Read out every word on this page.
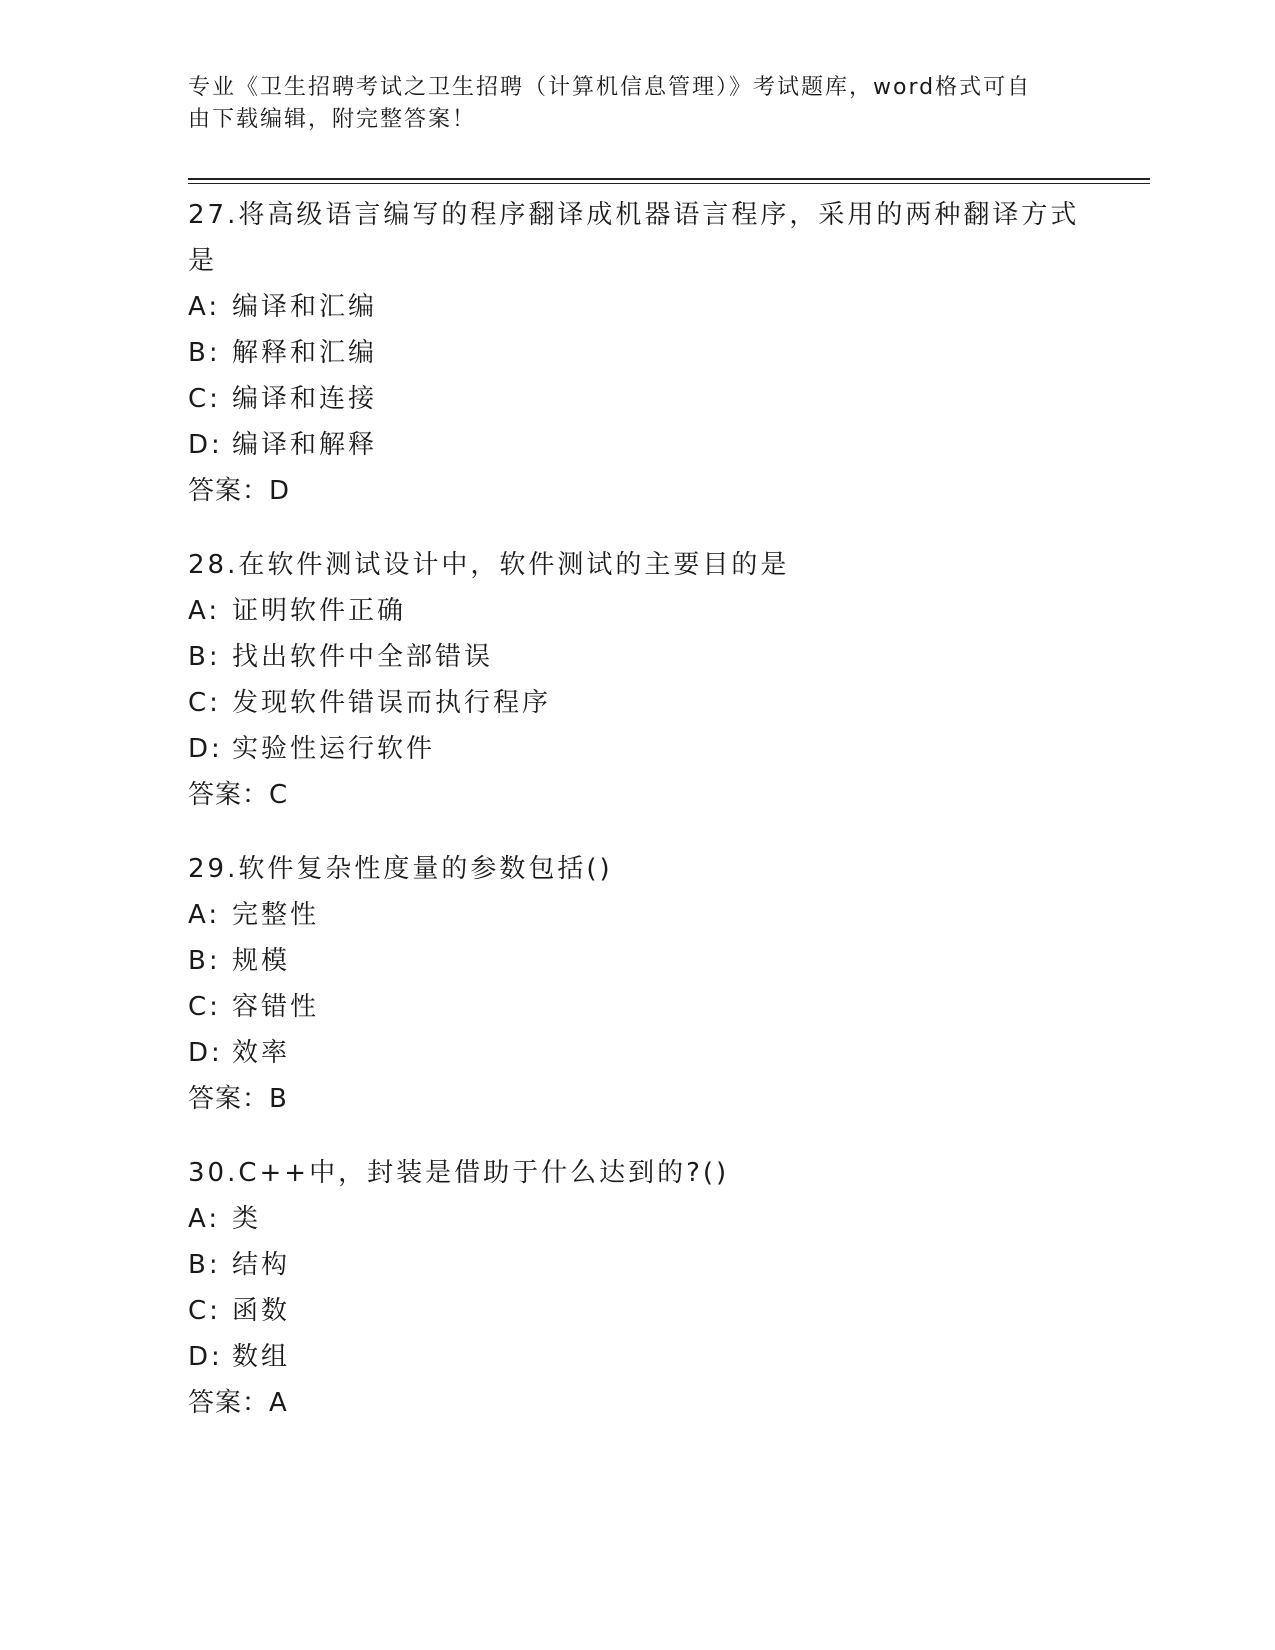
专业《卫生招聘考试之卫生招聘（计算机信息管理）》考试题库，word格式可自
由下载编辑，附完整答案！

27.将高级语言编写的程序翻译成机器语言程序，采用的两种翻译方式是

A: 编译和汇编
B: 解释和汇编
C: 编译和连接
D: 编译和解释
答案：D

28.在软件测试设计中，软件测试的主要目的是

A: 证明软件正确
B: 找出软件中全部错误
C: 发现软件错误而执行程序
D: 实验性运行软件
答案：C

29.软件复杂性度量的参数包括()

A: 完整性
B: 规模
C: 容错性
D: 效率
答案：B

30.C++中，封装是借助于什么达到的?()

A: 类
B: 结构
C: 函数
D: 数组
答案：A
